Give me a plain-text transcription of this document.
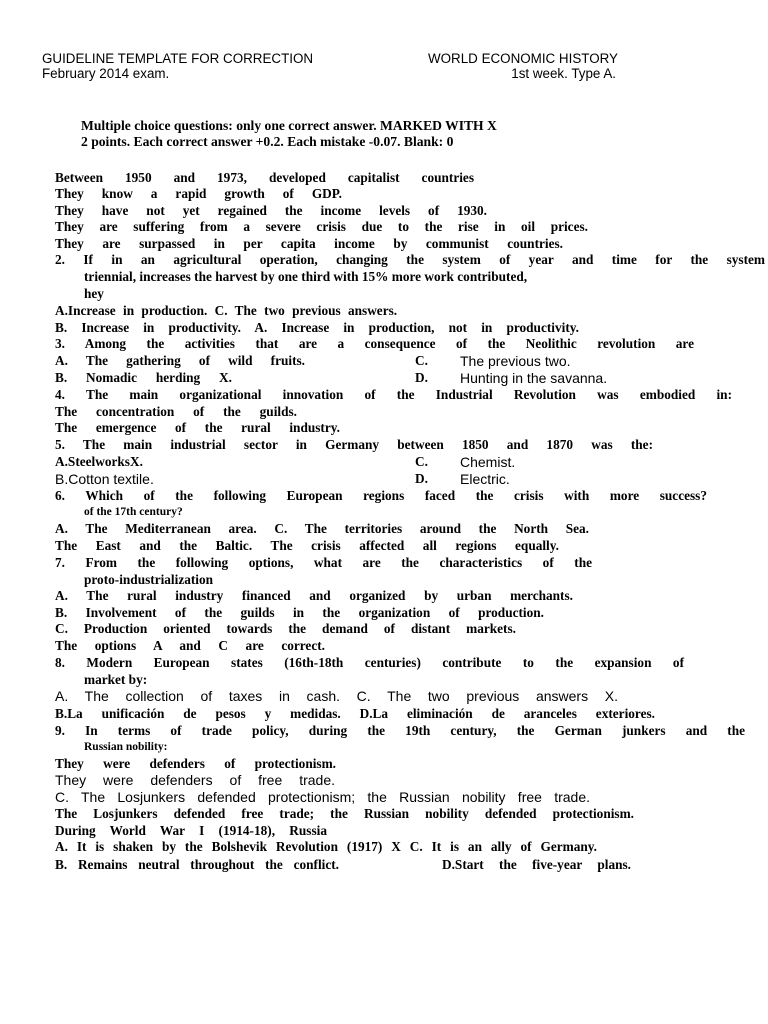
GUIDELINE TEMPLATE FOR CORRECTION
February 2014 exam.
WORLD ECONOMIC HISTORY
1st week. Type A.
Multiple choice questions: only one correct answer. MARKED WITH X
2 points. Each correct answer +0.2. Each mistake -0.07. Blank: 0
Between 1950 and 1973, developed capitalist countries
They know a rapid growth of GDP.
They have not yet regained the income levels of 1930.
They are suffering from a severe crisis due to the rise in oil prices.
They are surpassed in per capita income by communist countries.
2. If in an agricultural operation, changing the system of year and time for the system
triennial, increases the harvest by one third with 15% more work contributed,
hey
A.Increase in production. C. The two previous answers.
B. Increase in productivity. A. Increase in production, not in productivity.
3. Among the activities that are a consequence of the Neolithic revolution are
A. The gathering of wild fruits.
B. Nomadic herding X.
C. The previous two.
D. Hunting in the savanna.
4. The main organizational innovation of the Industrial Revolution was embodied in:
The concentration of the guilds.
The emergence of the rural industry.
5. The main industrial sector in Germany between 1850 and 1870 was the:
A.SteelworksX.
B.Cotton textile.
C. Chemist.
D. Electric.
6. Which of the following European regions faced the crisis with more success?
of the 17th century?
A. The Mediterranean area. C. The territories around the North Sea.
The East and the Baltic. The crisis affected all regions equally.
7. From the following options, what are the characteristics of the
proto-industrialization
A. The rural industry financed and organized by urban merchants.
B. Involvement of the guilds in the organization of production.
C. Production oriented towards the demand of distant markets.
The options A and C are correct.
8. Modern European states (16th-18th centuries) contribute to the expansion of
market by:
A. The collection of taxes in cash. C. The two previous answers X.
B.La unificación de pesos y medidas. D.La eliminación de aranceles exteriores.
9. In terms of trade policy, during the 19th century, the German junkers and the
Russian nobility:
They were defenders of protectionism.
They were defenders of free trade.
C. The Losjunkers defended protectionism; the Russian nobility free trade.
The Losjunkers defended free trade; the Russian nobility defended protectionism.
During World War I (1914-18), Russia
A. It is shaken by the Bolshevik Revolution (1917) X C. It is an ally of Germany.
B. Remains neutral throughout the conflict.	D.Start the five-year plans.
